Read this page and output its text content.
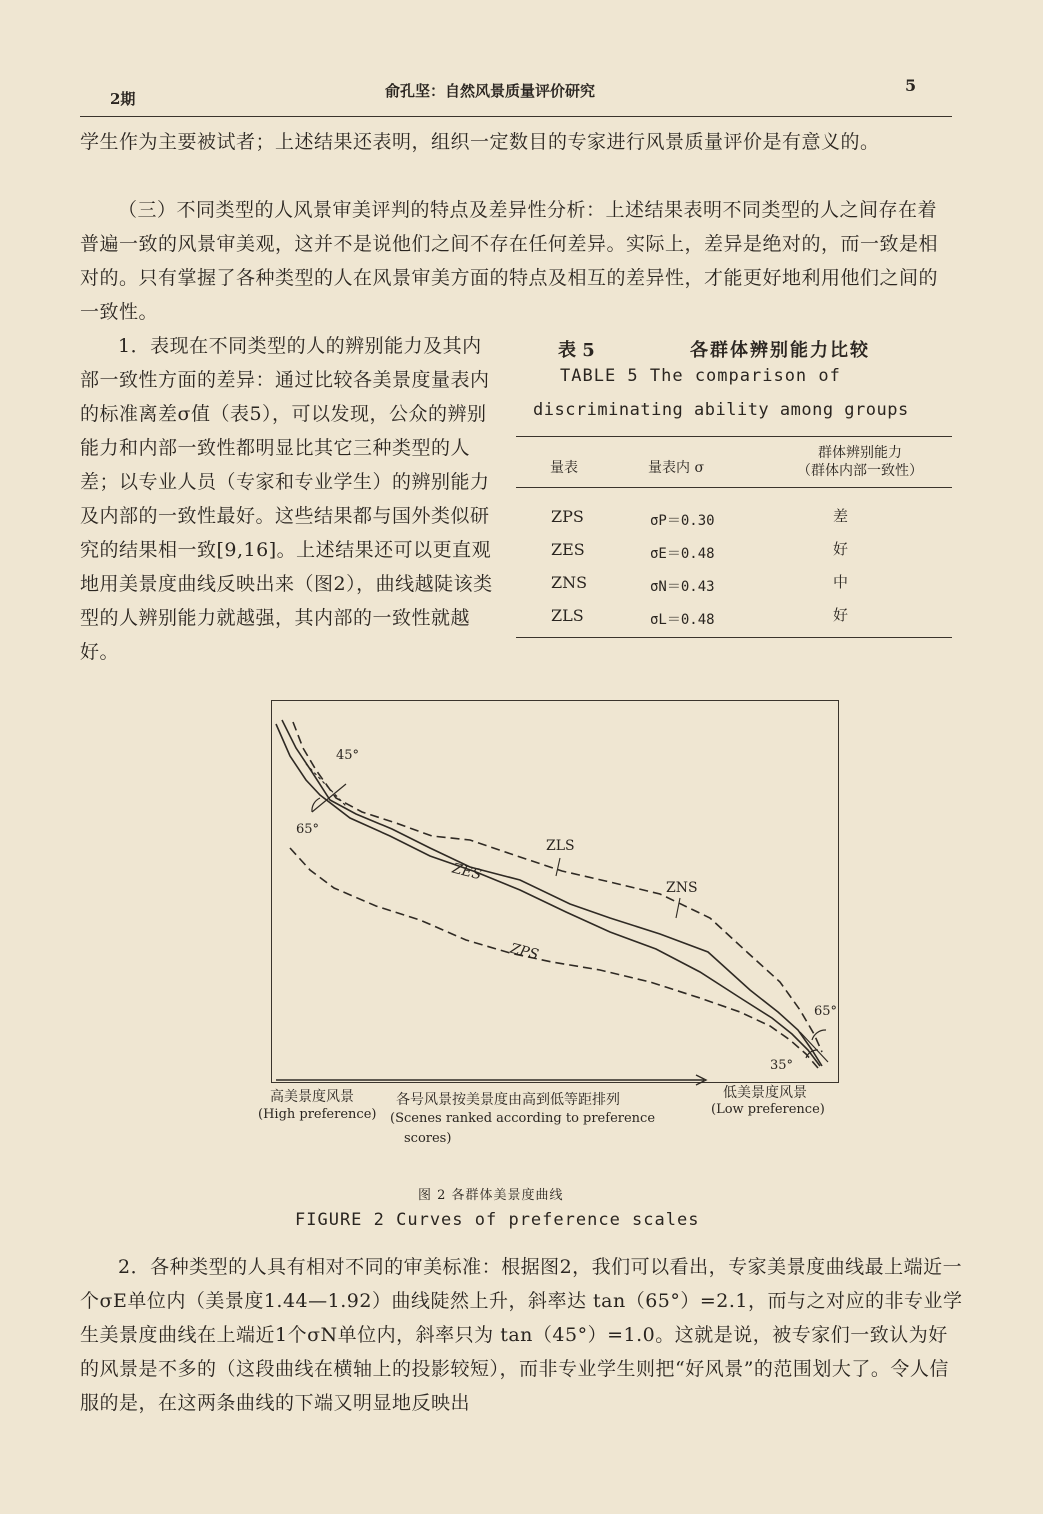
2期	俞孔坚：自然风景质量评价研究	5

学生作为主要被试者；上述结果还表明，组织一定数目的专家进行风景质量评价是有意义的。

（三）不同类型的人风景审美评判的特点及差异性分析：上述结果表明不同类型的人之间存在着普遍一致的风景审美观，这并不是说他们之间不存在任何差异。实际上，差异是绝对的，而一致是相对的。只有掌握了各种类型的人在风景审美方面的特点及相互的差异性，才能更好地利用他们之间的一致性。

1．表现在不同类型的人的辨别能力及其内部一致性方面的差异：通过比较各美景度量表内的标准离差σ值（表5），可以发现，公众的辨别能力和内部一致性都明显比其它三种类型的人差；以专业人员（专家和专业学生）的辨别能力及内部的一致性最好。这些结果都与国外类似研究的结果相一致[9,16]。上述结果还可以更直观地用美景度曲线反映出来（图2），曲线越陡该类型的人辨别能力就越强，其内部的一致性就越好。

表 5	各群体辨别能力比较
TABLE 5 The comparison of
discriminating ability among groups
量表	量表内 σ
群体辨别能力
（群体内部一致性）
ZPS	σP＝0.30	差
ZES	σE＝0.48	好
ZNS	σN＝0.43	中
ZLS	σL＝0.48	好
45°
65°
65°
35°
ZLS
ZES
ZNS
ZPS
高美景度风景
(High preference)
各号风景按美景度由高到低等距排列
(Scenes ranked according to preference
scores)
低美景度风景
(Low preference)
图 2 各群体美景度曲线
FIGURE 2 Curves of preference scales

2．各种类型的人具有相对不同的审美标准：根据图2，我们可以看出，专家美景度曲线最上端近一个σE单位内（美景度1.44—1.92）曲线陡然上升，斜率达 tan（65°）=2.1，而与之对应的非专业学生美景度曲线在上端近1个σN单位内，斜率只为 tan（45°）=1.0。这就是说，被专家们一致认为好的风景是不多的（这段曲线在横轴上的投影较短），而非专业学生则把“好风景”的范围划大了。令人信服的是，在这两条曲线的下端又明显地反映出
